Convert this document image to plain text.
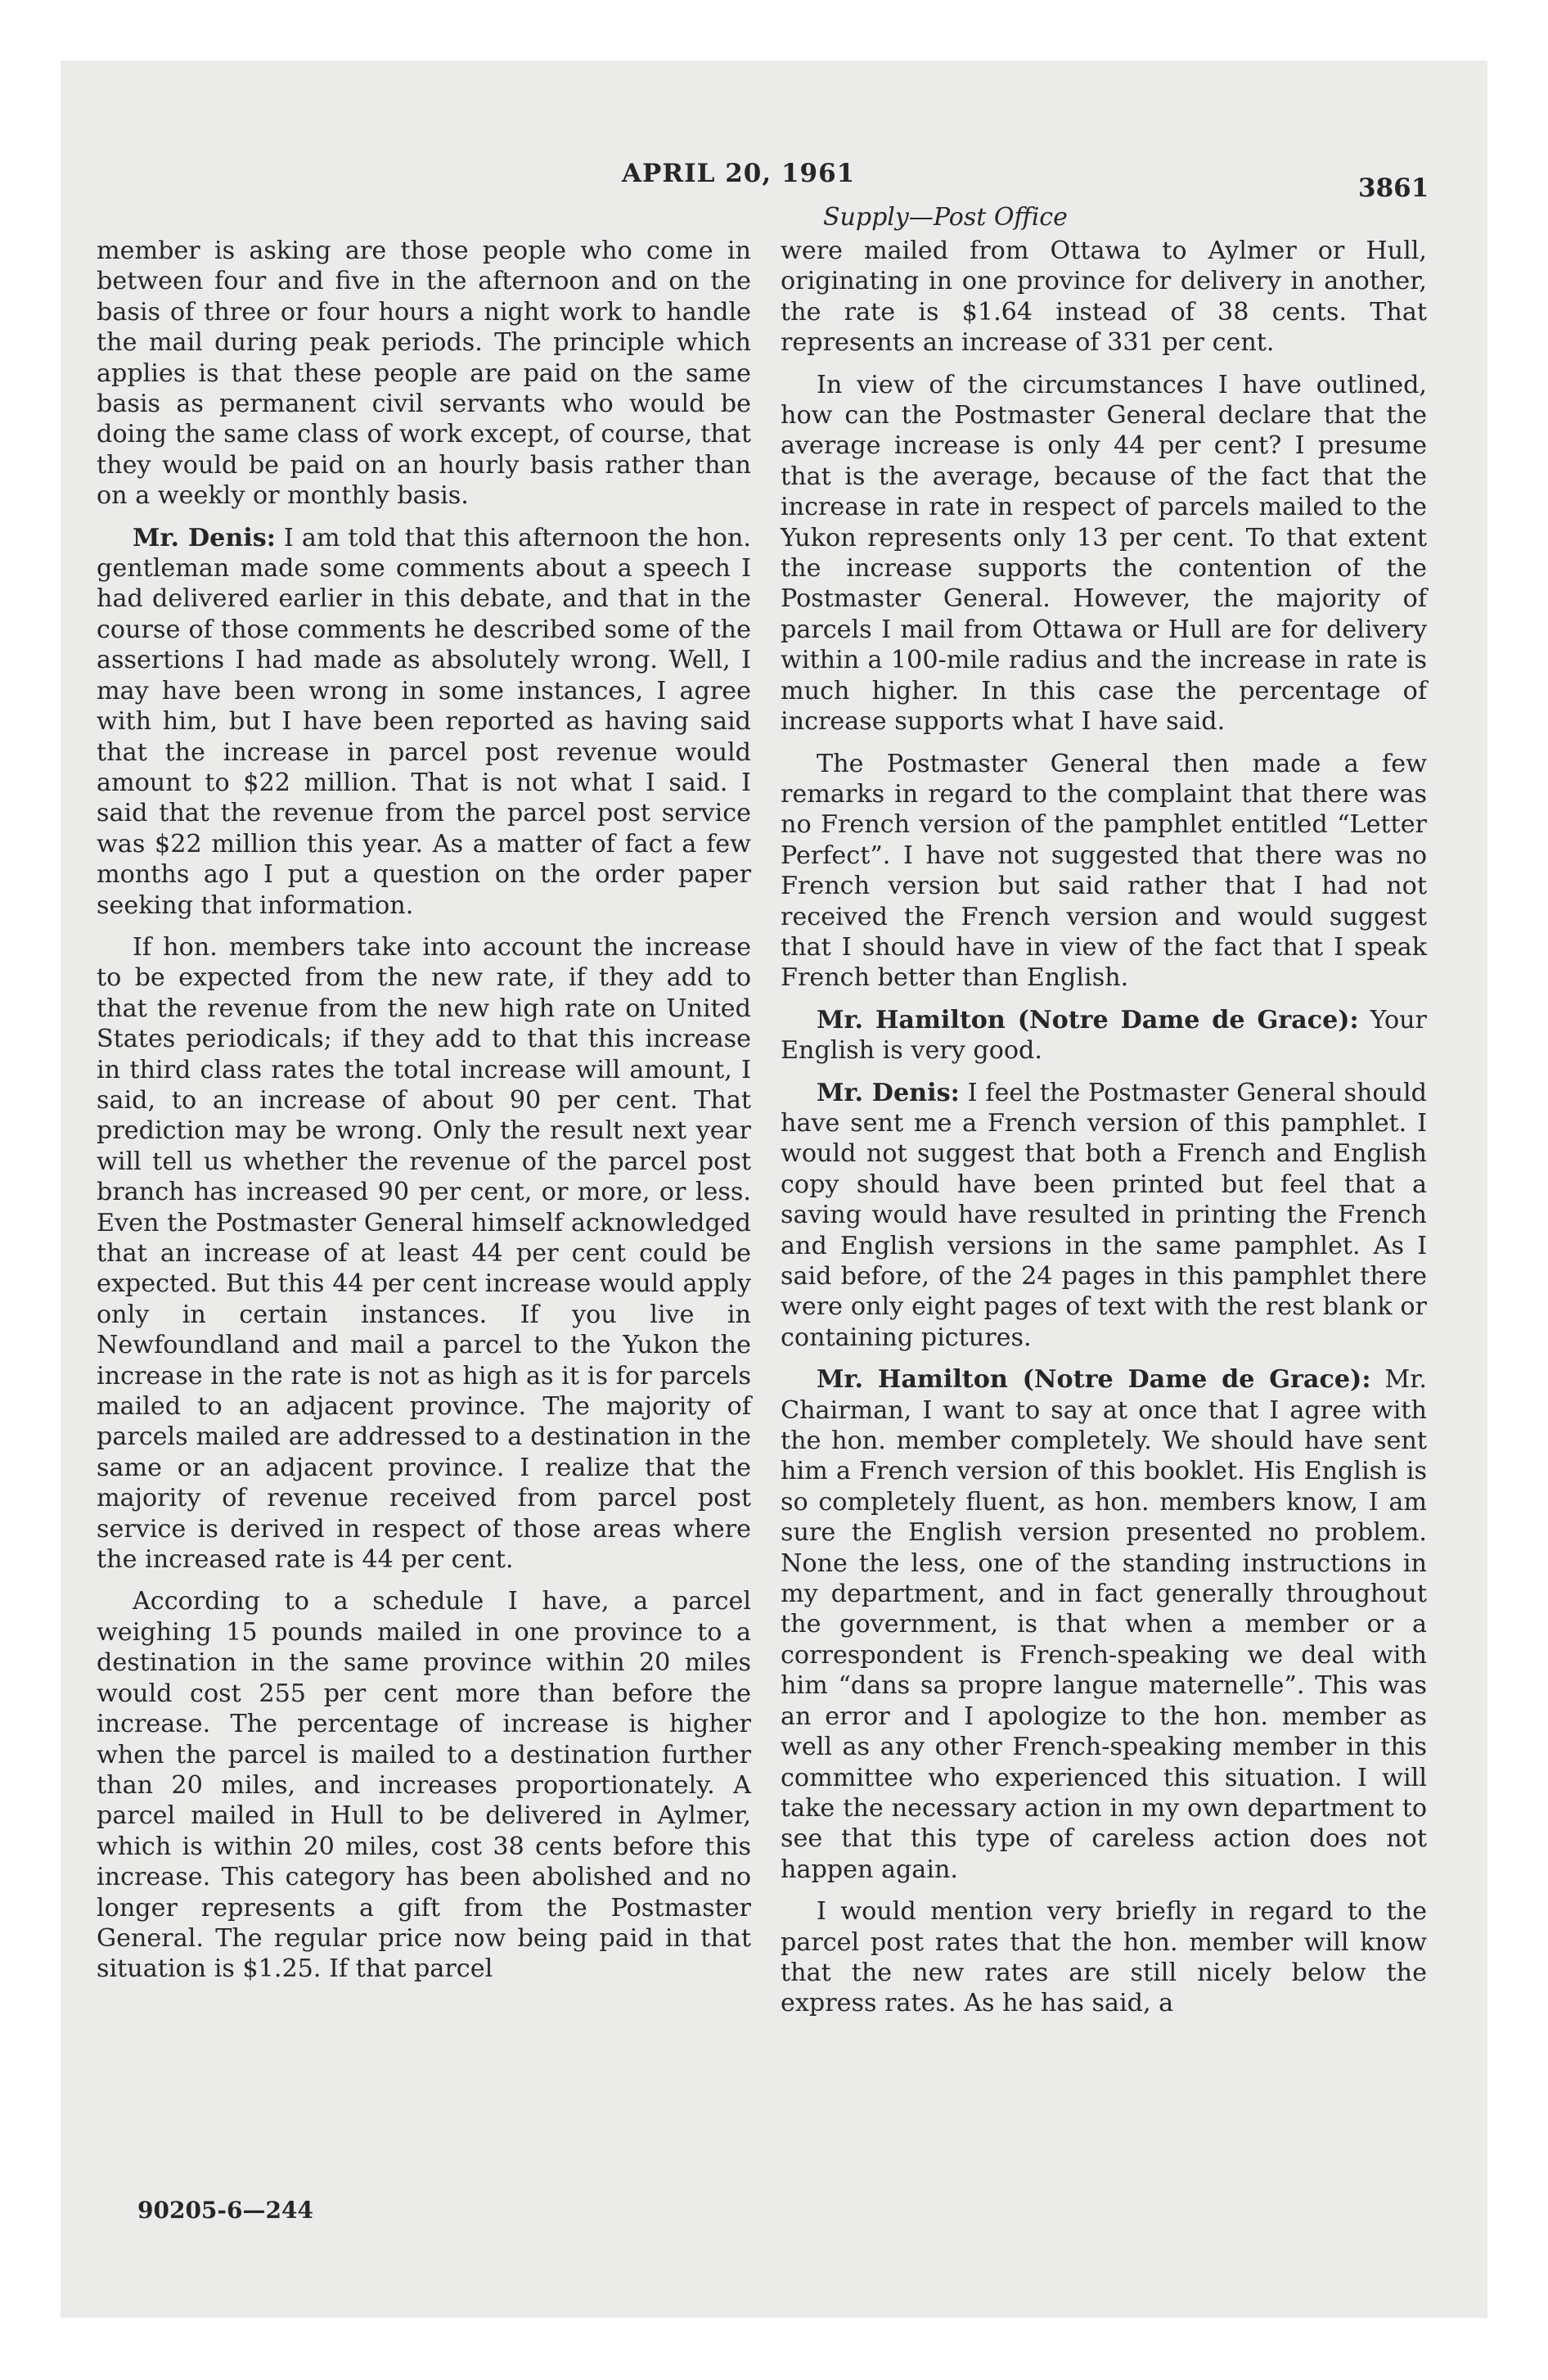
APRIL 20, 1961	3861
Supply—Post Office

member is asking are those people who come in between four and five in the afternoon and on the basis of three or four hours a night work to handle the mail during peak periods. The principle which applies is that these people are paid on the same basis as permanent civil servants who would be doing the same class of work except, of course, that they would be paid on an hourly basis rather than on a weekly or monthly basis.

Mr. Denis: I am told that this afternoon the hon. gentleman made some comments about a speech I had delivered earlier in this debate, and that in the course of those comments he described some of the assertions I had made as absolutely wrong. Well, I may have been wrong in some instances, I agree with him, but I have been reported as having said that the increase in parcel post revenue would amount to $22 million. That is not what I said. I said that the revenue from the parcel post service was $22 million this year. As a matter of fact a few months ago I put a question on the order paper seeking that information.

If hon. members take into account the increase to be expected from the new rate, if they add to that the revenue from the new high rate on United States periodicals; if they add to that this increase in third class rates the total increase will amount, I said, to an increase of about 90 per cent. That prediction may be wrong. Only the result next year will tell us whether the revenue of the parcel post branch has increased 90 per cent, or more, or less. Even the Postmaster General himself acknowledged that an increase of at least 44 per cent could be expected. But this 44 per cent increase would apply only in certain instances. If you live in Newfoundland and mail a parcel to the Yukon the increase in the rate is not as high as it is for parcels mailed to an adjacent province. The majority of parcels mailed are addressed to a destination in the same or an adjacent province. I realize that the majority of revenue received from parcel post service is derived in respect of those areas where the increased rate is 44 per cent.

According to a schedule I have, a parcel weighing 15 pounds mailed in one province to a destination in the same province within 20 miles would cost 255 per cent more than before the increase. The percentage of increase is higher when the parcel is mailed to a destination further than 20 miles, and increases proportionately. A parcel mailed in Hull to be delivered in Aylmer, which is within 20 miles, cost 38 cents before this increase. This category has been abolished and no longer represents a gift from the Postmaster General. The regular price now being paid in that situation is $1.25. If that parcel

were mailed from Ottawa to Aylmer or Hull, originating in one province for delivery in another, the rate is $1.64 instead of 38 cents. That represents an increase of 331 per cent.

In view of the circumstances I have outlined, how can the Postmaster General declare that the average increase is only 44 per cent? I presume that is the average, because of the fact that the increase in rate in respect of parcels mailed to the Yukon represents only 13 per cent. To that extent the increase supports the contention of the Postmaster General. However, the majority of parcels I mail from Ottawa or Hull are for delivery within a 100-mile radius and the increase in rate is much higher. In this case the percentage of increase supports what I have said.

The Postmaster General then made a few remarks in regard to the complaint that there was no French version of the pamphlet entitled “Letter Perfect”. I have not suggested that there was no French version but said rather that I had not received the French version and would suggest that I should have in view of the fact that I speak French better than English.

Mr. Hamilton (Notre Dame de Grace): Your English is very good.

Mr. Denis: I feel the Postmaster General should have sent me a French version of this pamphlet. I would not suggest that both a French and English copy should have been printed but feel that a saving would have resulted in printing the French and English versions in the same pamphlet. As I said before, of the 24 pages in this pamphlet there were only eight pages of text with the rest blank or containing pictures.

Mr. Hamilton (Notre Dame de Grace): Mr. Chairman, I want to say at once that I agree with the hon. member completely. We should have sent him a French version of this booklet. His English is so completely fluent, as hon. members know, I am sure the English version presented no problem. None the less, one of the standing instructions in my department, and in fact generally throughout the government, is that when a member or a correspondent is French-speaking we deal with him “dans sa propre langue maternelle”. This was an error and I apologize to the hon. member as well as any other French-speaking member in this committee who experienced this situation. I will take the necessary action in my own department to see that this type of careless action does not happen again.

I would mention very briefly in regard to the parcel post rates that the hon. member will know that the new rates are still nicely below the express rates. As he has said, a

90205-6—244
